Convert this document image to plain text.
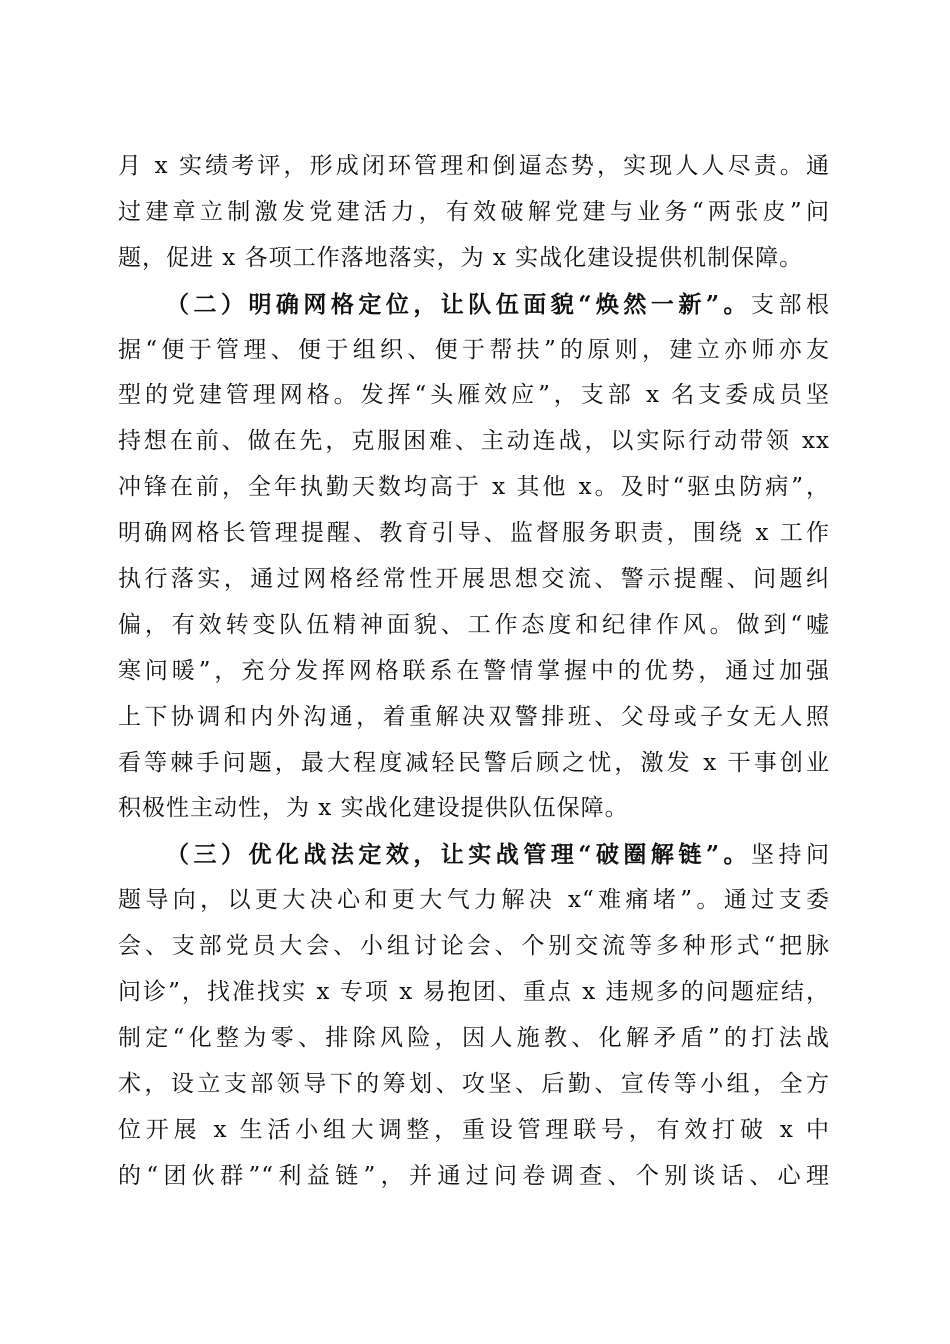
月 x 实绩考评，形成闭环管理和倒逼态势，实现人人尽责。通
过建章立制激发党建活力，有效破解党建与业务“两张皮”问
题，促进 x 各项工作落地落实，为 x 实战化建设提供机制保障。
（二）明确网格定位，让队伍面貌“焕然一新”。支部根
据“便于管理、便于组织、便于帮扶”的原则，建立亦师亦友
型的党建管理网格。发挥“头雁效应”，支部 x 名支委成员坚
持想在前、做在先，克服困难、主动连战，以实际行动带领 xx
冲锋在前，全年执勤天数均高于 x 其他 x。及时“驱虫防病”，
明确网格长管理提醒、教育引导、监督服务职责，围绕 x 工作
执行落实，通过网格经常性开展思想交流、警示提醒、问题纠
偏，有效转变队伍精神面貌、工作态度和纪律作风。做到“嘘
寒问暖”，充分发挥网格联系在警情掌握中的优势，通过加强
上下协调和内外沟通，着重解决双警排班、父母或子女无人照
看等棘手问题，最大程度减轻民警后顾之忧，激发 x 干事创业
积极性主动性，为 x 实战化建设提供队伍保障。
（三）优化战法定效，让实战管理“破圈解链”。坚持问
题导向，以更大决心和更大气力解决 x“难痛堵”。通过支委
会、支部党员大会、小组讨论会、个别交流等多种形式“把脉
问诊”，找准找实 x 专项 x 易抱团、重点 x 违规多的问题症结，
制定“化整为零、排除风险，因人施教、化解矛盾”的打法战
术，设立支部领导下的筹划、攻坚、后勤、宣传等小组，全方
位开展 x 生活小组大调整，重设管理联号，有效打破 x 中
的“团伙群”“利益链”，并通过问卷调查、个别谈话、心理
